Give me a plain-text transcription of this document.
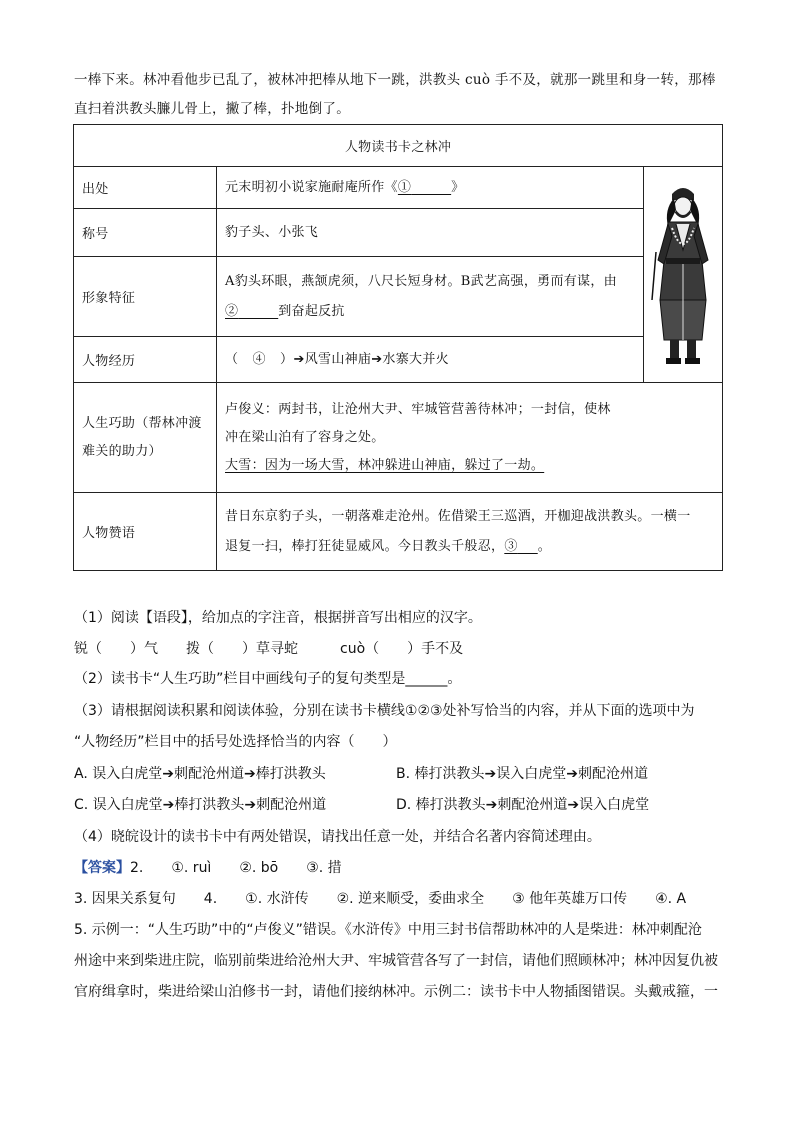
一棒下来。林冲看他步已乱了，被林冲把棒从地下一跳，洪教头 cuò 手不及，就那一跳里和身一转，那棒
直扫着洪教头臁儿骨上，撇了棒，扑地倒了。
人物读书卡之林冲		
出处	元末明初小说家施耐庵所作《①    》	

称号	豹子头、小张飞	
形象特征	A豹头环眼，燕颔虎须，八尺长短身材。B武艺高强，勇而有谋，由
②    到奋起反抗	
人物经历	（   ④   ）➔风雪山神庙➔水寨大并火	
人生巧助（帮林冲渡
难关的助力）	卢俊义：两封书，让沧州大尹、牢城管营善待林冲；一封信，使林
冲在梁山泊有了容身之处。
大雪：因为一场大雪，林冲躲进山神庙，躲过了一劫。	
人物赞语	昔日东京豹子头，一朝落难走沧州。佐借梁王三巡酒，开枷迎战洪教头。一横一
退复一扫，棒打狂徒显威风。今日教头千般忍，③   。	
（1）阅读【语段】，给加点的字注音，根据拼音写出相应的汉字。
锐（　　）气　　拨（　　）草寻蛇　　　cuò（　　）手不及
（2）读书卡“人生巧助”栏目中画线句子的复句类型是______。
（3）请根据阅读积累和阅读体验，分别在读书卡横线①②③处补写恰当的内容，并从下面的选项中为
“人物经历”栏目中的括号处选择恰当的内容（　　）
A. 误入白虎堂➔刺配沧州道➔棒打洪教头	B. 棒打洪教头➔误入白虎堂➔刺配沧州道
C. 误入白虎堂➔棒打洪教头➔刺配沧州道	D. 棒打洪教头➔刺配沧州道➔误入白虎堂
（4）晓皖设计的读书卡中有两处错误，请找出任意一处，并结合名著内容简述理由。
【答案】2.　　①. ruì　　②. bō　　③. 措
3. 因果关系复句　　4.　　①. 水浒传　　②. 逆来顺受，委曲求全　　③ 他年英雄万口传　　④. A
5. 示例一：“人生巧助”中的“卢俊义”错误。《水浒传》中用三封书信帮助林冲的人是柴进：林冲刺配沧
州途中来到柴进庄院，临别前柴进给沧州大尹、牢城管营各写了一封信，请他们照顾林冲；林冲因复仇被
官府缉拿时，柴进给梁山泊修书一封，请他们接纳林冲。示例二：读书卡中人物插图错误。头戴戒箍，一
